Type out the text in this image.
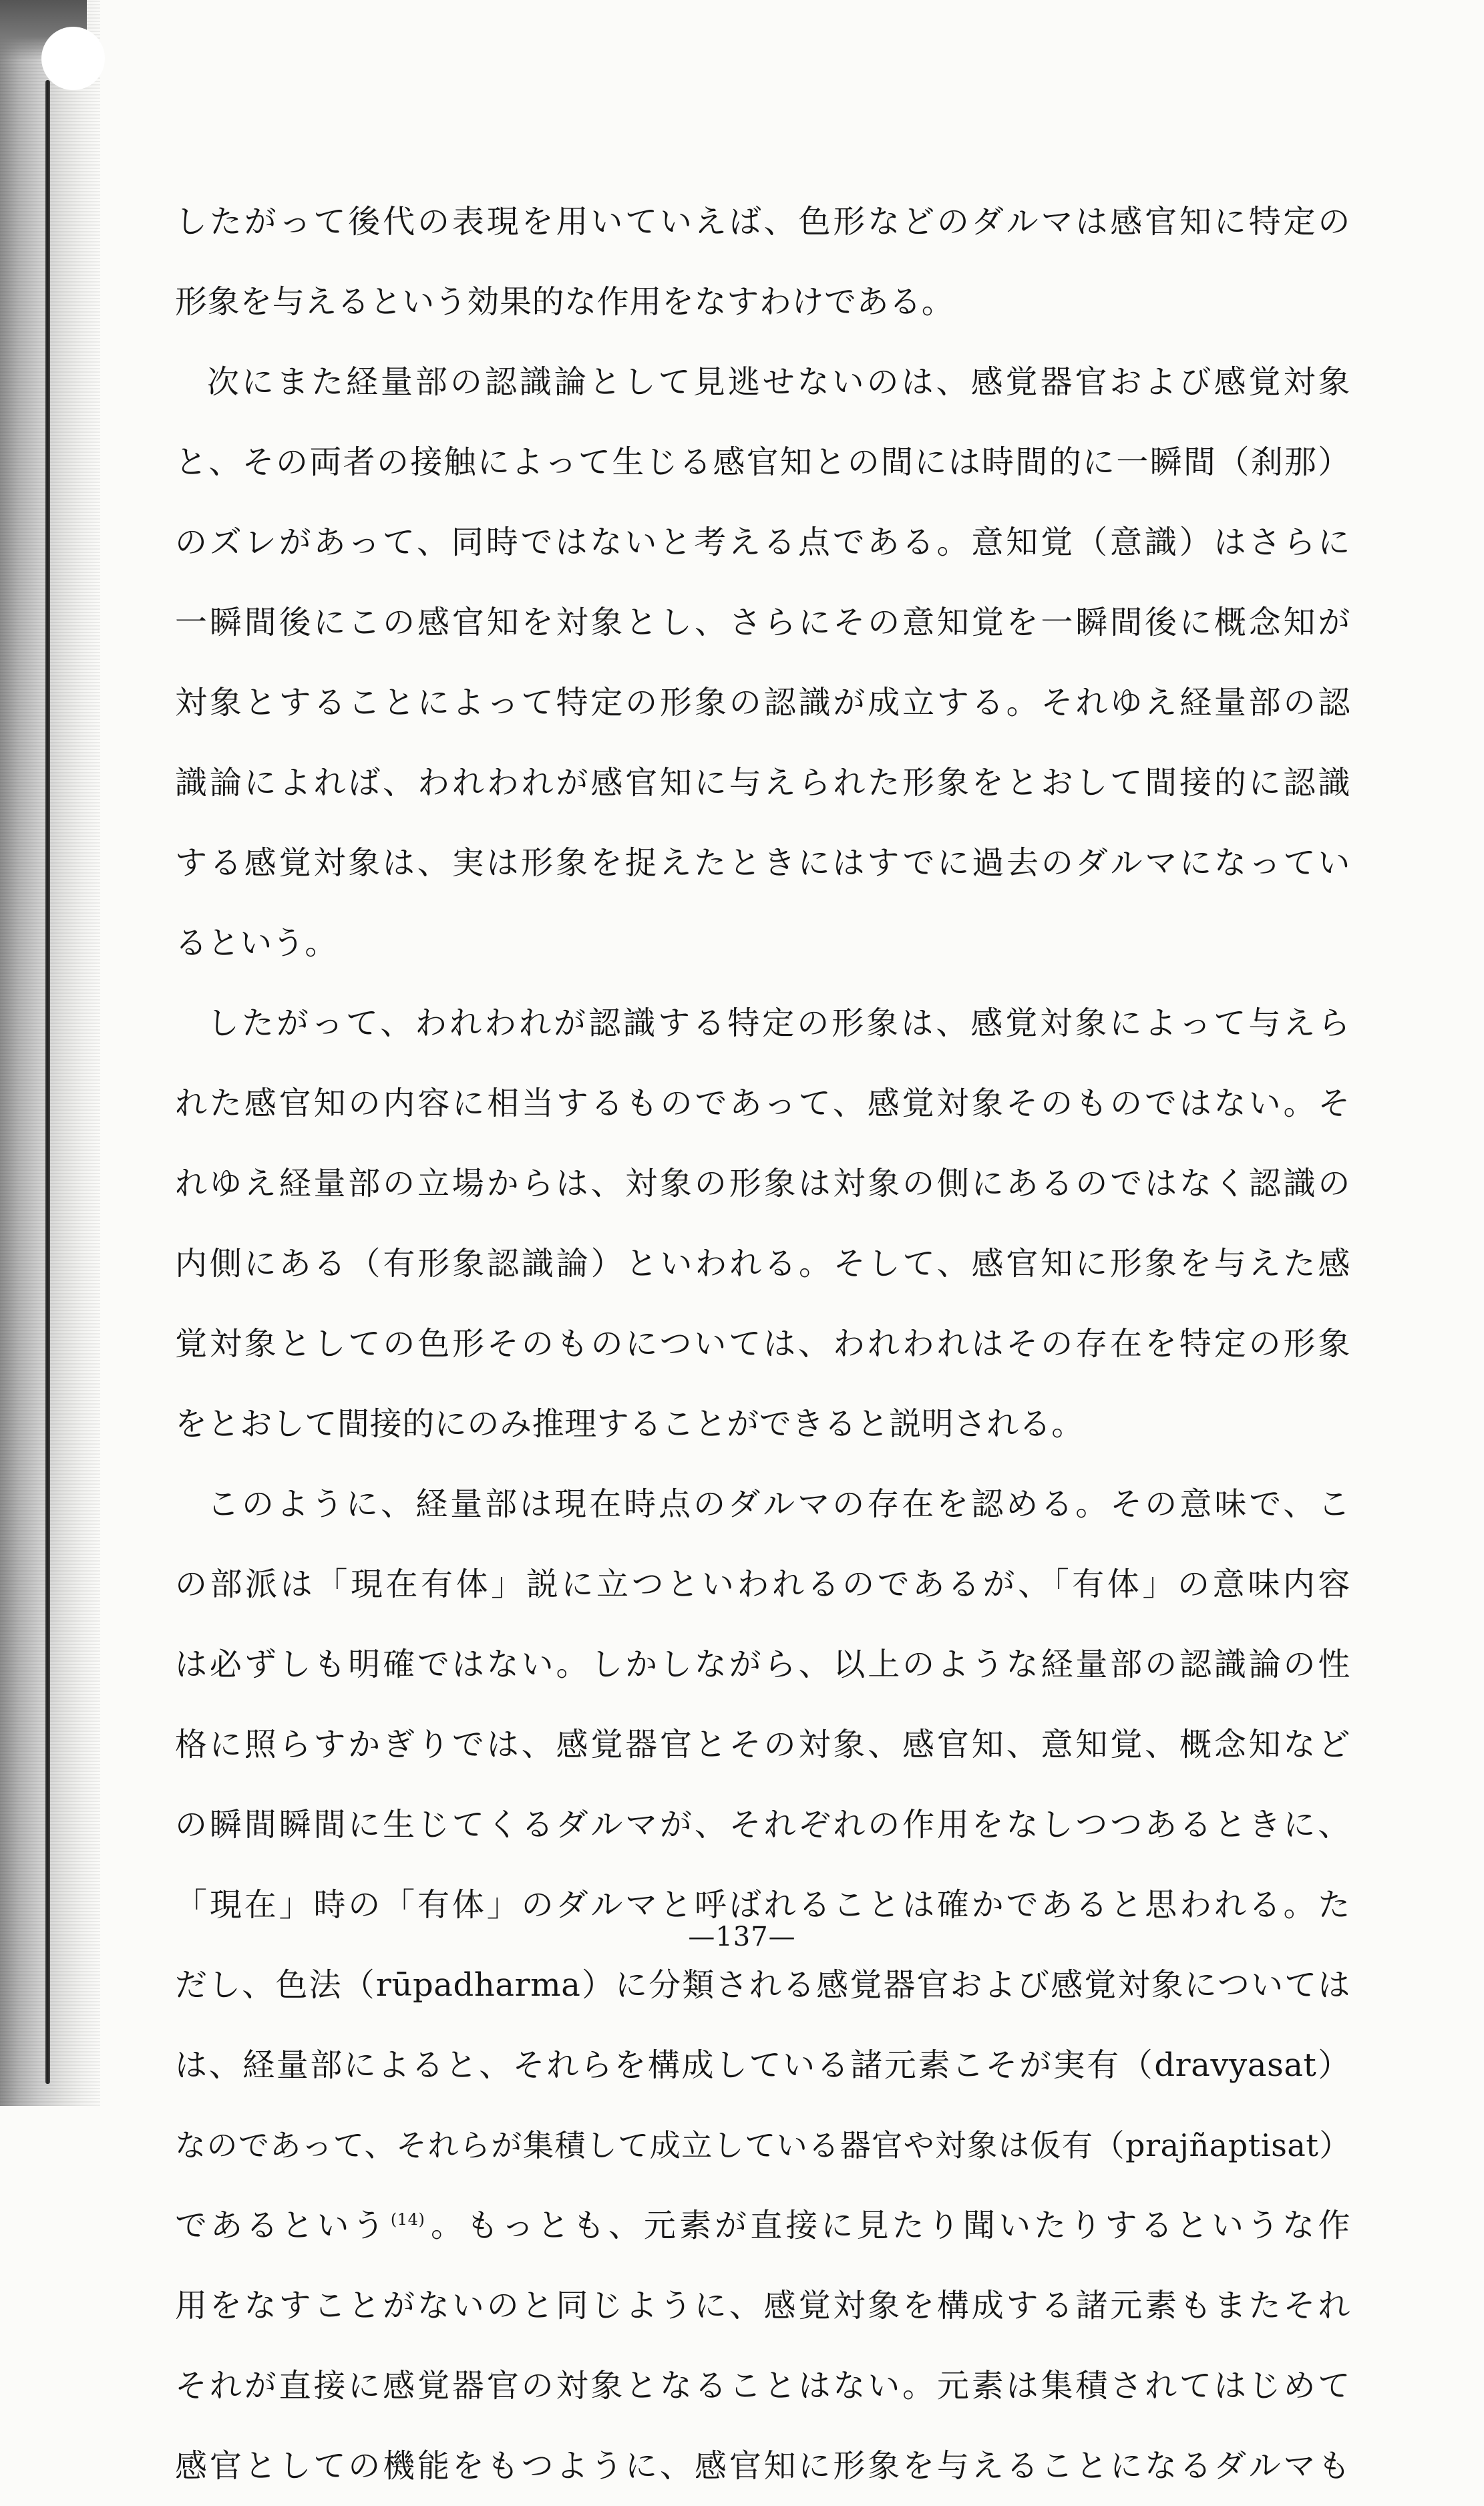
したがって後代の表現を用いていえば、色形などのダルマは感官知に特定の
形象を与えるという効果的な作用をなすわけである。
次にまた経量部の認識論として見逃せないのは、感覚器官および感覚対象
と、その両者の接触によって生じる感官知との間には時間的に一瞬間（刹那）
のズレがあって、同時ではないと考える点である。意知覚（意識）はさらに
一瞬間後にこの感官知を対象とし、さらにその意知覚を一瞬間後に概念知が
対象とすることによって特定の形象の認識が成立する。それゆえ経量部の認
識論によれば、われわれが感官知に与えられた形象をとおして間接的に認識
する感覚対象は、実は形象を捉えたときにはすでに過去のダルマになってい
るという。
したがって、われわれが認識する特定の形象は、感覚対象によって与えら
れた感官知の内容に相当するものであって、感覚対象そのものではない。そ
れゆえ経量部の立場からは、対象の形象は対象の側にあるのではなく認識の
内側にある（有形象認識論）といわれる。そして、感官知に形象を与えた感
覚対象としての色形そのものについては、われわれはその存在を特定の形象
をとおして間接的にのみ推理することができると説明される。
このように、経量部は現在時点のダルマの存在を認める。その意味で、こ
の部派は「現在有体」説に立つといわれるのであるが、「有体」の意味内容
は必ずしも明確ではない。しかしながら、以上のような経量部の認識論の性
格に照らすかぎりでは、感覚器官とその対象、感官知、意知覚、概念知など
の瞬間瞬間に生じてくるダルマが、それぞれの作用をなしつつあるときに、
「現在」時の「有体」のダルマと呼ばれることは確かであると思われる。た
だし、色法（rūpadharma）に分類される感覚器官および感覚対象については
は、経量部によると、それらを構成している諸元素こそが実有（dravyasat）
なのであって、それらが集積して成立している器官や対象は仮有（prajñaptisat）
であるという $^{(14)}$。もっとも、元素が直接に見たり聞いたりするというな作
用をなすことがないのと同じように、感覚対象を構成する諸元素もまたそれ
それが直接に感覚器官の対象となることはない。元素は集積されてはじめて
感官としての機能をもつように、感官知に形象を与えることになるダルマも
—137—
